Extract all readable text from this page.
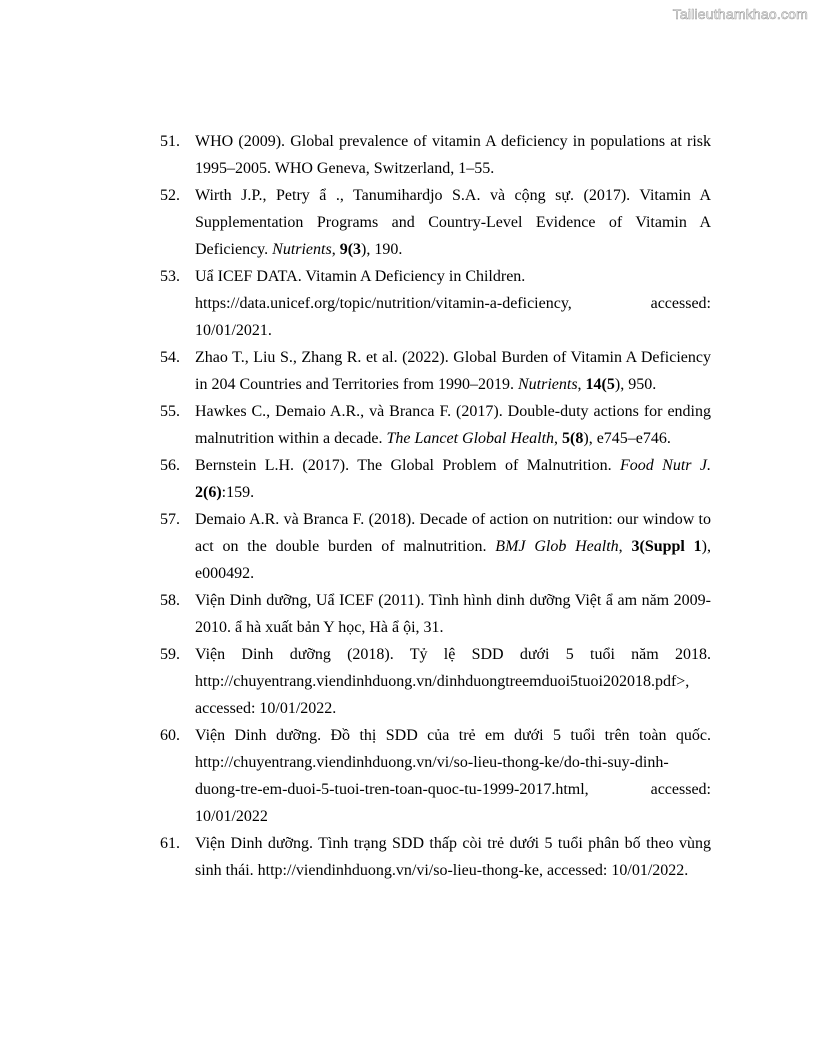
Tailieuthamkhao.com
51. WHO (2009). Global prevalence of vitamin A deficiency in populations at risk 1995–2005. WHO Geneva, Switzerland, 1–55.
52. Wirth J.P., Petry ẩ ., Tanumihardjo S.A. và cộng sự. (2017). Vitamin A Supplementation Programs and Country-Level Evidence of Vitamin A Deficiency. Nutrients, 9(3), 190.
53. Uẩ ICEF DATA. Vitamin A Deficiency in Children.
https://data.unicef.org/topic/nutrition/vitamin-a-deficiency, accessed:
10/01/2021.
54. Zhao T., Liu S., Zhang R. et al. (2022). Global Burden of Vitamin A Deficiency in 204 Countries and Territories from 1990–2019. Nutrients, 14(5), 950.
55. Hawkes C., Demaio A.R., và Branca F. (2017). Double-duty actions for ending malnutrition within a decade. The Lancet Global Health, 5(8), e745–e746.
56. Bernstein L.H. (2017). The Global Problem of Malnutrition. Food Nutr J. 2(6):159.
57. Demaio A.R. và Branca F. (2018). Decade of action on nutrition: our window to act on the double burden of malnutrition. BMJ Glob Health, 3(Suppl 1), e000492.
58. Viện Dinh dưỡng, Uẩ ICEF (2011). Tình hình dinh dưỡng Việt ẩ am năm 2009-2010. ẩ hà xuất bản Y học, Hà ẩ ội, 31.
59. Viện Dinh dưỡng (2018). Tỷ lệ SDD dưới 5 tuổi năm 2018.
http://chuyentrang.viendinhduong.vn/dinhduongtreemduoi5tuoi202018.pdf>,
accessed: 10/01/2022.
60. Viện Dinh dưỡng. Đồ thị SDD của trẻ em dưới 5 tuổi trên toàn quốc.
http://chuyentrang.viendinhduong.vn/vi/so-lieu-thong-ke/do-thi-suy-dinh-
duong-tre-em-duoi-5-tuoi-tren-toan-quoc-tu-1999-2017.html, accessed:
10/01/2022
61. Viện Dinh dưỡng. Tình trạng SDD thấp còi trẻ dưới 5 tuổi phân bố theo vùng sinh thái. http://viendinhduong.vn/vi/so-lieu-thong-ke, accessed: 10/01/2022.
